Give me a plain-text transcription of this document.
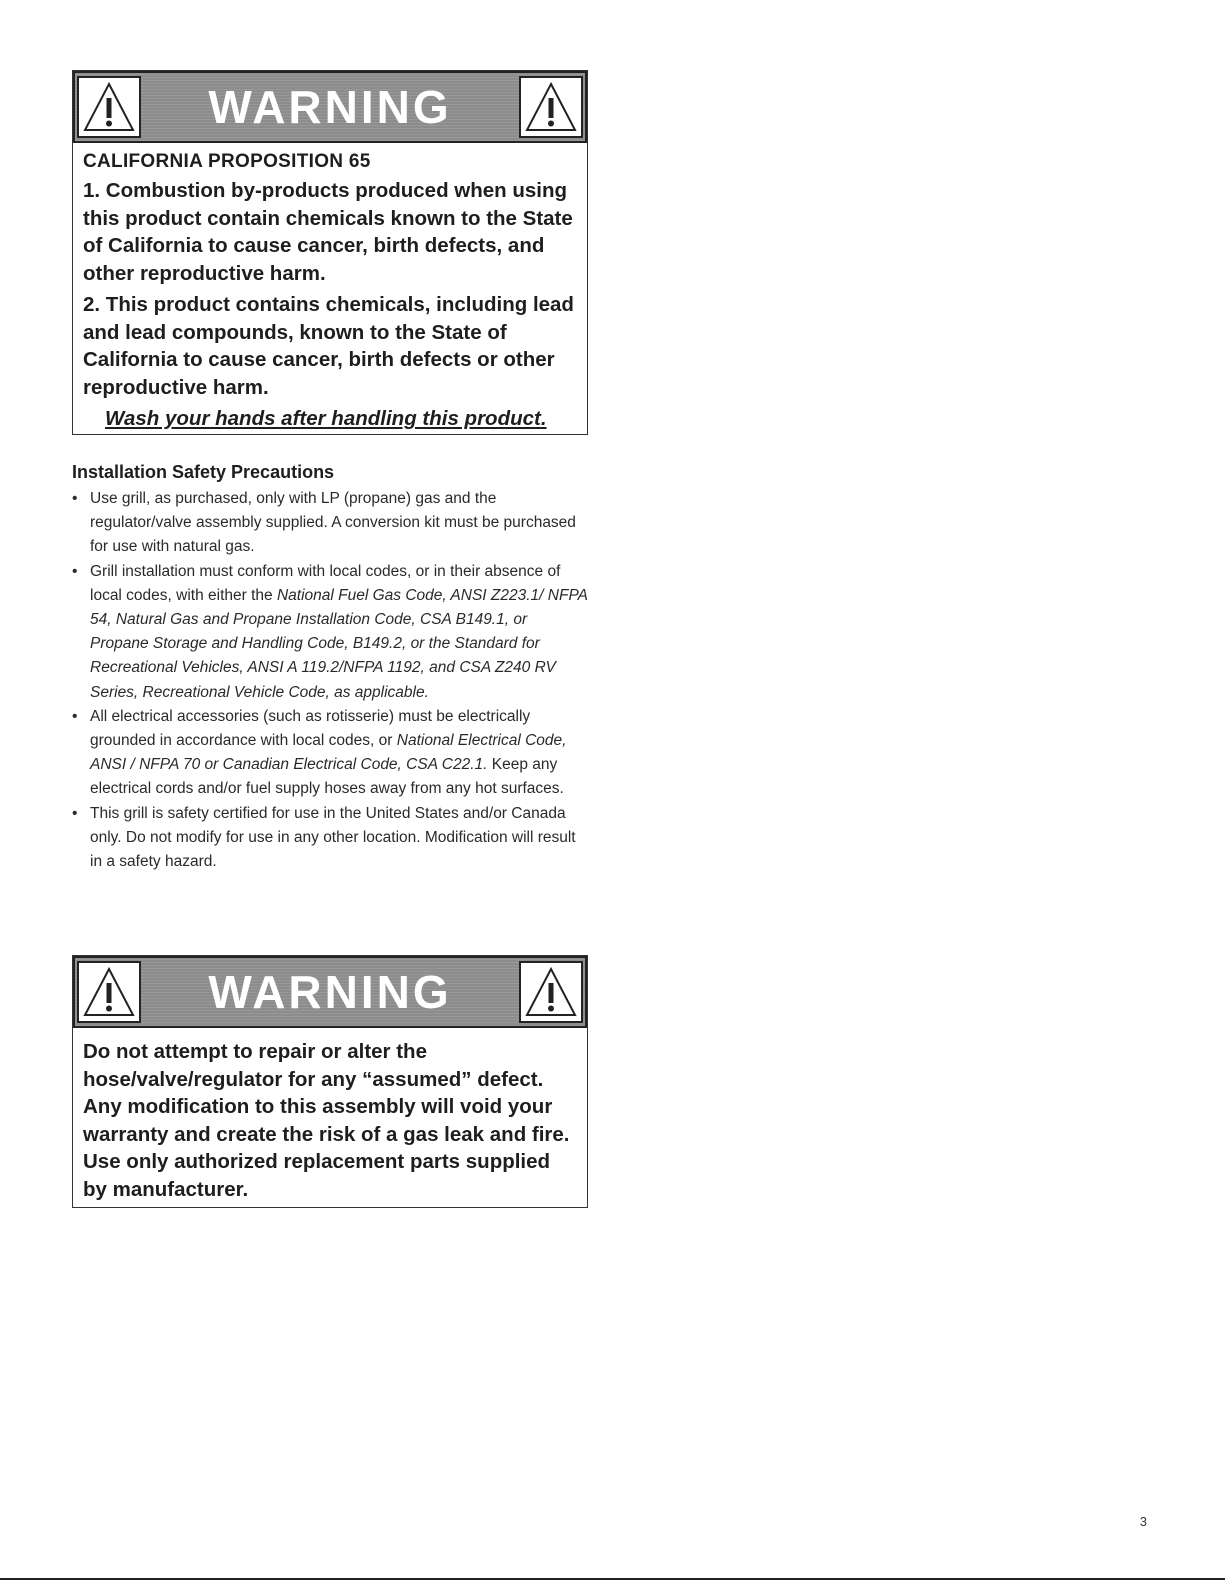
WARNING
CALIFORNIA PROPOSITION 65
1. Combustion by-products produced when using this product contain chemicals known to the State of California to cause cancer, birth defects, and other reproductive harm.
2. This product contains chemicals, including lead and lead compounds, known to the State of California to cause cancer, birth defects or other reproductive harm.
Wash your hands after handling this product.
Installation Safety Precautions
• Use grill, as purchased, only with LP (propane) gas and the regulator/valve assembly supplied. A conversion kit must be purchased for use with natural gas.
• Grill installation must conform with local codes, or in their absence of local codes, with either the National Fuel Gas Code, ANSI Z223.1/ NFPA 54, Natural Gas and Propane Installation Code, CSA B149.1, or Propane Storage and Handling Code, B149.2, or the Standard for Recreational Vehicles, ANSI A 119.2/NFPA 1192, and CSA Z240 RV Series, Recreational Vehicle Code, as applicable.
• All electrical accessories (such as rotisserie) must be electrically grounded in accordance with local codes, or National Electrical Code, ANSI / NFPA 70 or Canadian Electrical Code, CSA C22.1. Keep any electrical cords and/or fuel supply hoses away from any hot surfaces.
• This grill is safety certified for use in the United States and/or Canada only. Do not modify for use in any other location. Modification will result in a safety hazard.
WARNING
Do not attempt to repair or alter the hose/valve/regulator for any “assumed” defect. Any modification to this assembly will void your warranty and create the risk of a gas leak and fire. Use only authorized replacement parts supplied by manufacturer.
3
